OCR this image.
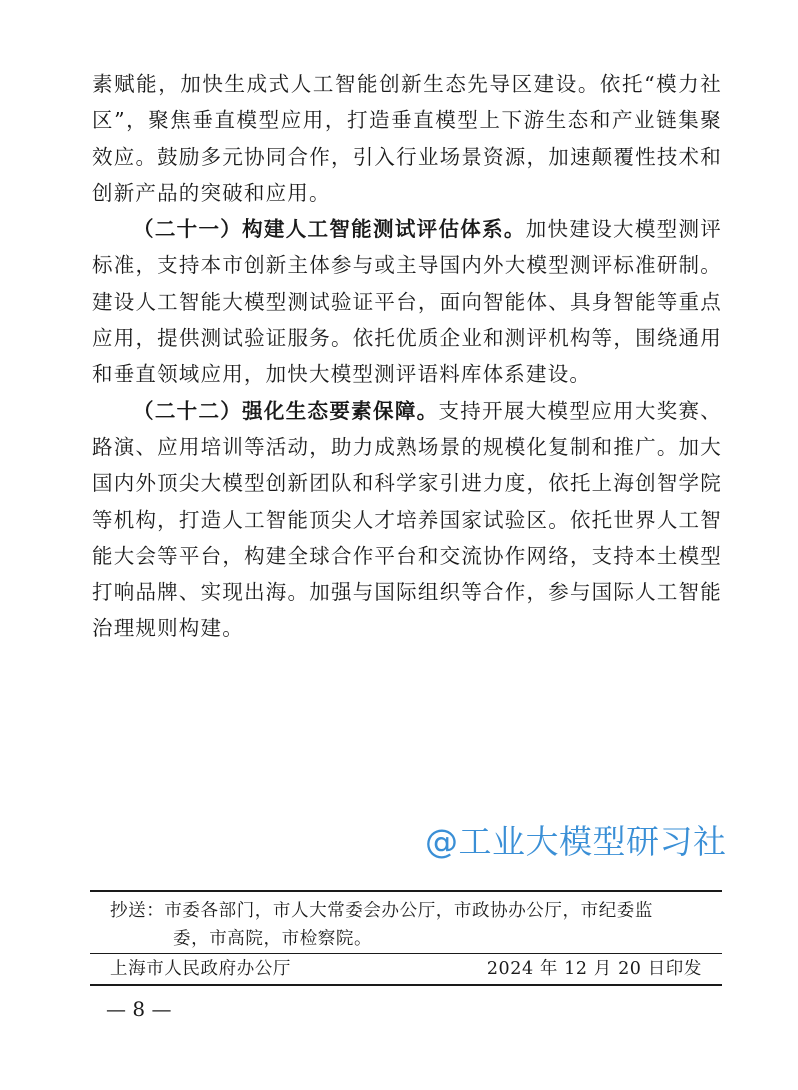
素赋能，加快生成式人工智能创新生态先导区建设。依托“模力社区”，聚焦垂直模型应用，打造垂直模型上下游生态和产业链集聚效应。鼓励多元协同合作，引入行业场景资源，加速颠覆性技术和创新产品的突破和应用。

（二十一）构建人工智能测试评估体系。加快建设大模型测评标准，支持本市创新主体参与或主导国内外大模型测评标准研制。建设人工智能大模型测试验证平台，面向智能体、具身智能等重点应用，提供测试验证服务。依托优质企业和测评机构等，围绕通用和垂直领域应用，加快大模型测评语料库体系建设。

（二十二）强化生态要素保障。支持开展大模型应用大奖赛、路演、应用培训等活动，助力成熟场景的规模化复制和推广。加大国内外顶尖大模型创新团队和科学家引进力度，依托上海创智学院等机构，打造人工智能顶尖人才培养国家试验区。依托世界人工智能大会等平台，构建全球合作平台和交流协作网络，支持本土模型打响品牌、实现出海。加强与国际组织等合作，参与国际人工智能治理规则构建。

@工业大模型研习社
抄送：市委各部门，市人大常委会办公厅，市政协办公厅，市纪委监
委，市高院，市检察院。
上海市人民政府办公厅	2024 年 12 月 20 日印发
— 8 —
